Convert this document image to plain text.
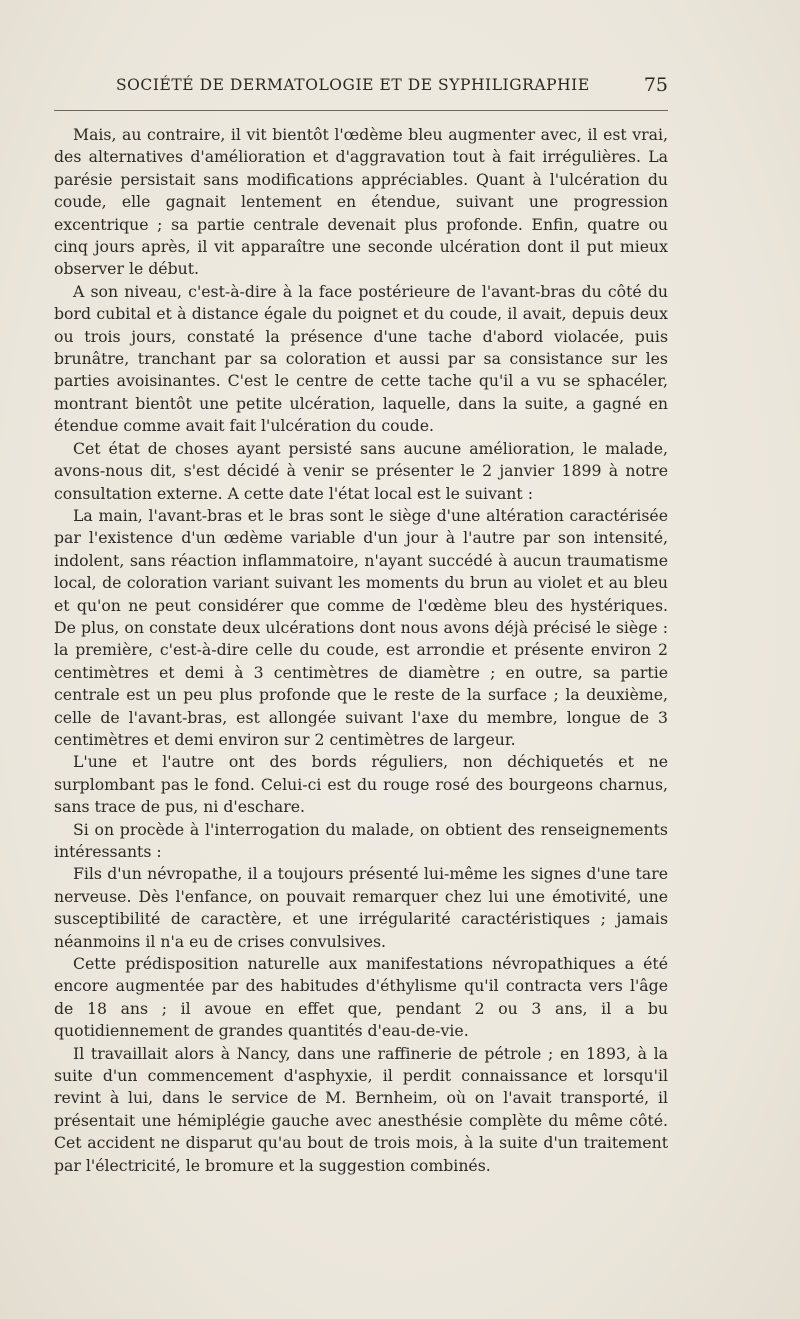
SOCIÉTÉ DE DERMATOLOGIE ET DE SYPHILIGRAPHIE	75

Mais, au contraire, il vit bientôt l'œdème bleu augmenter avec, il est vrai, des alternatives d'amélioration et d'aggravation tout à fait irrégulières. La parésie persistait sans modifications appréciables. Quant à l'ulcération du coude, elle gagnait lentement en étendue, suivant une progression excentrique ; sa partie centrale devenait plus profonde. Enfin, quatre ou cinq jours après, il vit apparaître une seconde ulcération dont il put mieux observer le début.

A son niveau, c'est-à-dire à la face postérieure de l'avant-bras du côté du bord cubital et à distance égale du poignet et du coude, il avait, depuis deux ou trois jours, constaté la présence d'une tache d'abord violacée, puis brunâtre, tranchant par sa coloration et aussi par sa consistance sur les parties avoisinantes. C'est le centre de cette tache qu'il a vu se sphacéler, montrant bientôt une petite ulcération, laquelle, dans la suite, a gagné en étendue comme avait fait l'ulcération du coude.

Cet état de choses ayant persisté sans aucune amélioration, le malade, avons-nous dit, s'est décidé à venir se présenter le 2 janvier 1899 à notre consultation externe. A cette date l'état local est le suivant :

La main, l'avant-bras et le bras sont le siège d'une altération caractérisée par l'existence d'un œdème variable d'un jour à l'autre par son intensité, indolent, sans réaction inflammatoire, n'ayant succédé à aucun traumatisme local, de coloration variant suivant les moments du brun au violet et au bleu et qu'on ne peut considérer que comme de l'œdème bleu des hystériques. De plus, on constate deux ulcérations dont nous avons déjà précisé le siège : la première, c'est-à-dire celle du coude, est arrondie et présente environ 2 centimètres et demi à 3 centimètres de diamètre ; en outre, sa partie centrale est un peu plus profonde que le reste de la surface ; la deuxième, celle de l'avant-bras, est allongée suivant l'axe du membre, longue de 3 centimètres et demi environ sur 2 centimètres de largeur.

L'une et l'autre ont des bords réguliers, non déchiquetés et ne surplombant pas le fond. Celui-ci est du rouge rosé des bourgeons charnus, sans trace de pus, ni d'eschare.

Si on procède à l'interrogation du malade, on obtient des renseignements intéressants :

Fils d'un névropathe, il a toujours présenté lui-même les signes d'une tare nerveuse. Dès l'enfance, on pouvait remarquer chez lui une émotivité, une susceptibilité de caractère, et une irrégularité caractéristiques ; jamais néanmoins il n'a eu de crises convulsives.

Cette prédisposition naturelle aux manifestations névropathiques a été encore augmentée par des habitudes d'éthylisme qu'il contracta vers l'âge de 18 ans ; il avoue en effet que, pendant 2 ou 3 ans, il a bu quotidiennement de grandes quantités d'eau-de-vie.

Il travaillait alors à Nancy, dans une raffinerie de pétrole ; en 1893, à la suite d'un commencement d'asphyxie, il perdit connaissance et lorsqu'il revint à lui, dans le service de M. Bernheim, où on l'avait transporté, il présentait une hémiplégie gauche avec anesthésie complète du même côté. Cet accident ne disparut qu'au bout de trois mois, à la suite d'un traitement par l'électricité, le bromure et la suggestion combinés.
